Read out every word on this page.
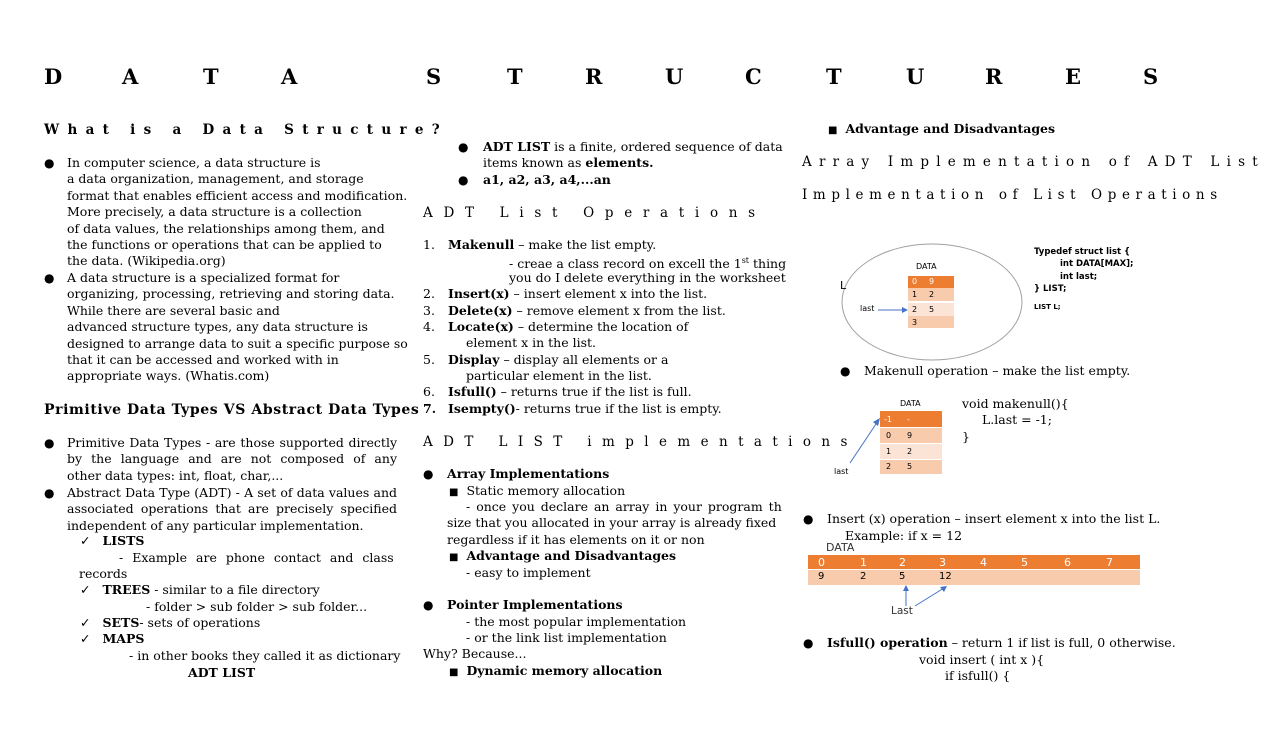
D	A	T	A	S	T	R	U	C	T	U	R	E	S
What is a Data Structure?
● In computer science, a data structure is
a data organization, management, and storage
format that enables efficient access and modification.
More precisely, a data structure is a collection
of data values, the relationships among them, and
the functions or operations that can be applied to
the data. (Wikipedia.org)
● A data structure is a specialized format for
organizing, processing, retrieving and storing data.
While there are several basic and
advanced structure types, any data structure is
designed to arrange data to suit a specific purpose so
that it can be accessed and worked with in
appropriate ways. (Whatis.com)
Primitive Data Types VS Abstract Data Types
● Primitive Data Types - are those supported directly
by the language and are not composed of any
other data types: int, float, char,...
● Abstract Data Type (ADT) - A set of data values and
associated operations that are precisely specified
independent of any particular implementation.
✓ LISTS
- Example are phone contact and class
records
✓ TREES - similar to a file directory
- folder > sub folder > sub folder...
✓ SETS- sets of operations
✓ MAPS
- in other books they called it as dictionary
ADT LIST
● ADT LIST is a finite, ordered sequence of data
items known as elements.
● a1, a2, a3, a4,...an
ADT List Operations
1. Makenull – make the list empty.
- creae a class record on excell the 1st thing
you do I delete everything in the worksheet
2. Insert(x) – insert element x into the list.
3. Delete(x) – remove element x from the list.
4. Locate(x) – determine the location of
element x in the list.
5. Display – display all elements or a
particular element in the list.
6. Isfull() – returns true if the list is full.
7. Isempty()- returns true if the list is empty.
ADT LIST implementations
● Array Implementations
■ Static memory allocation
- once you declare an array in your program th
size that you allocated in your array is already fixed
regardless if it has elements on it or non
■ Advantage and Disadvantages
- easy to implement
● Pointer Implementations
- the most popular implementation
- or the link list implementation
Why? Because...
■ Dynamic memory allocation
■ Advantage and Disadvantages
Array Implementation of ADT List
Implementation of List Operations
L
DATA
last
0 9
1 2
2 5
3
Typedef struct list {
int DATA[MAX];
int last;
} LIST;
LIST L;
● Makenull operation – make the list empty.
DATA
last
-1 -
0 9
1 2
2 5
void makenull(){
L.last = -1;
}
● Insert (x) operation – insert element x into the list L.
Example: if x = 12
DATA
0	1	2	3	4	5	6	7
9	2	5	12
Last
● Isfull() operation – return 1 if list is full, 0 otherwise.
void insert ( int x ){
if isfull() {
